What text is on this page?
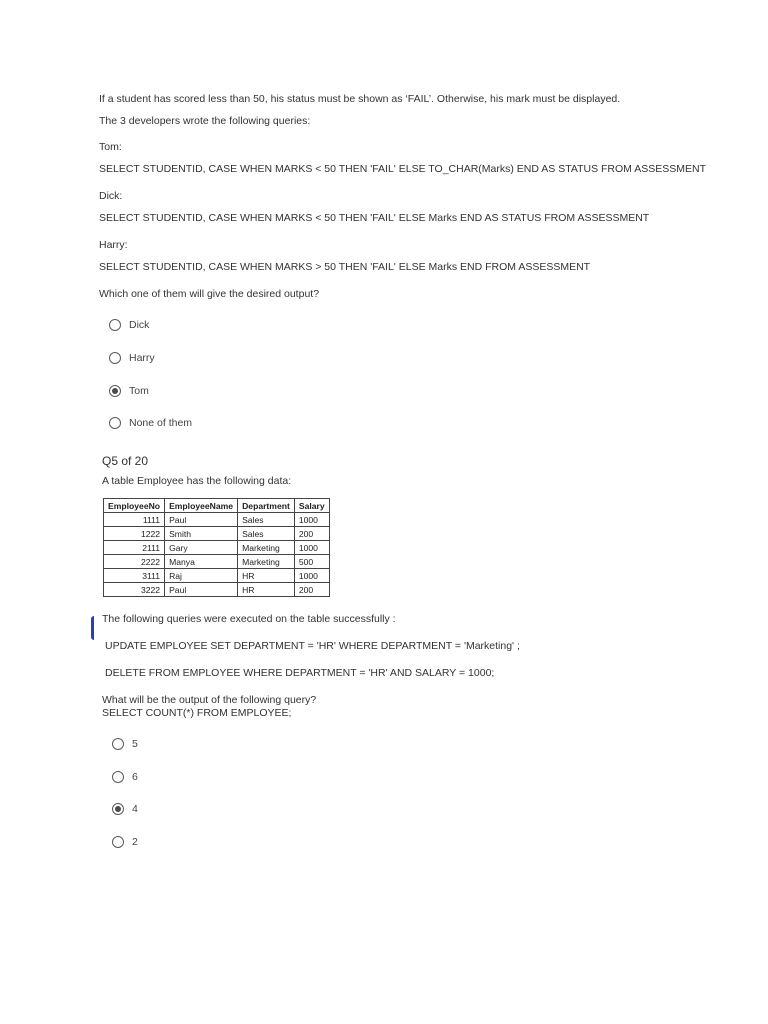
If a student has scored less than 50, his status must be shown as ‘FAIL’. Otherwise, his mark must be displayed.
The 3 developers wrote the following queries:
Tom:
SELECT STUDENTID, CASE WHEN MARKS < 50 THEN 'FAIL' ELSE TO_CHAR(Marks) END AS STATUS FROM ASSESSMENT
Dick:
SELECT STUDENTID, CASE WHEN MARKS < 50 THEN 'FAIL' ELSE Marks END AS STATUS FROM ASSESSMENT
Harry:
SELECT STUDENTID, CASE WHEN MARKS > 50 THEN 'FAIL' ELSE Marks END FROM ASSESSMENT
Which one of them will give the desired output?
Dick
Harry
Tom
None of them
Q5 of 20
A table Employee has the following data:
EmployeeNo	EmployeeName	Department	Salary
1111	Paul	Sales	1000
1222	Smith	Sales	200
2111	Gary	Marketing	1000
2222	Manya	Marketing	500
3111	Raj	HR	1000
3222	Paul	HR	200
The following queries were executed on the table successfully :
UPDATE EMPLOYEE SET DEPARTMENT = 'HR' WHERE DEPARTMENT = 'Marketing' ;
DELETE FROM EMPLOYEE WHERE DEPARTMENT = 'HR' AND SALARY = 1000;
What will be the output of the following query?
SELECT COUNT(*) FROM EMPLOYEE;
5
6
4
2
